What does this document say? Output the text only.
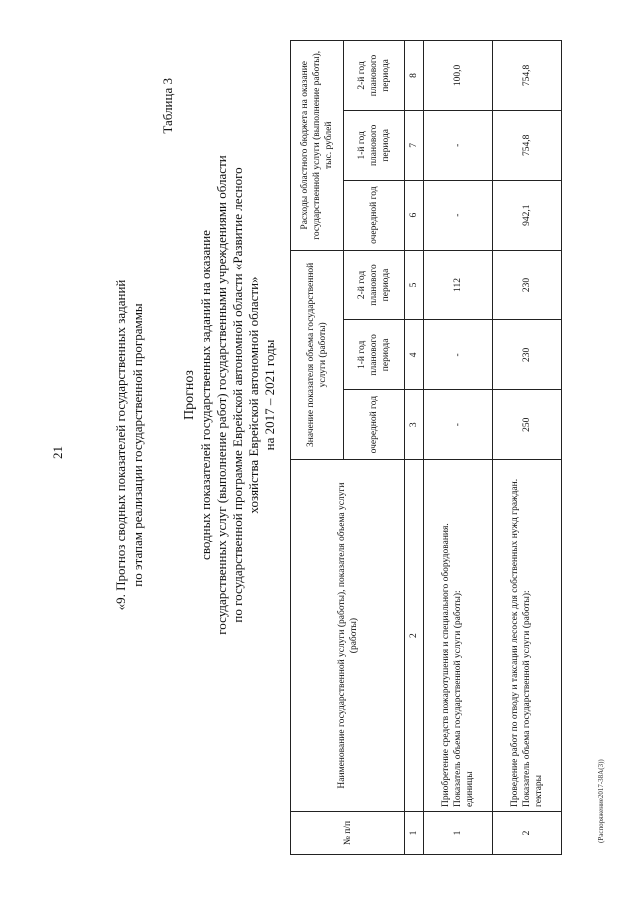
21	«9. Прогноз сводных показателей государственных заданий по этапам реализации государственной программы
Таблица 3
Прогноз сводных показателей государственных заданий на оказание государственных услуг (выполнение работ) государственными учреждениями области по государственной программе Еврейской автономной области «Развитие лесного хозяйства Еврейской автономной области» на 2017 – 2021 годы
№ п/п	Наименование государственной услуги (работы), показателя объема услуги (работы)	Значение показателя объема государственной услуги (работы)			Расходы областного бюджета на оказание государственной услуги (выполнение работы), тыс. рублей		
		очередной год	1-й год планового периода	2-й год планового периода	очередной год	1-й год планового периода	2-й год планового периода
1	2	3	4	5	6	7	8
1	Приобретение средств пожаротушения и специального оборудования. Показатель объема государственной услуги (работы): единицы	-	-	112	-	-	100,0
2	Проведение работ по отводу и таксации лесосек для собственных нужд граждан. Показатель объема государственной услуги (работы): гектары	250	230	230	942,1	754,8	754,8
(Распоряжение2017-38А(3))
